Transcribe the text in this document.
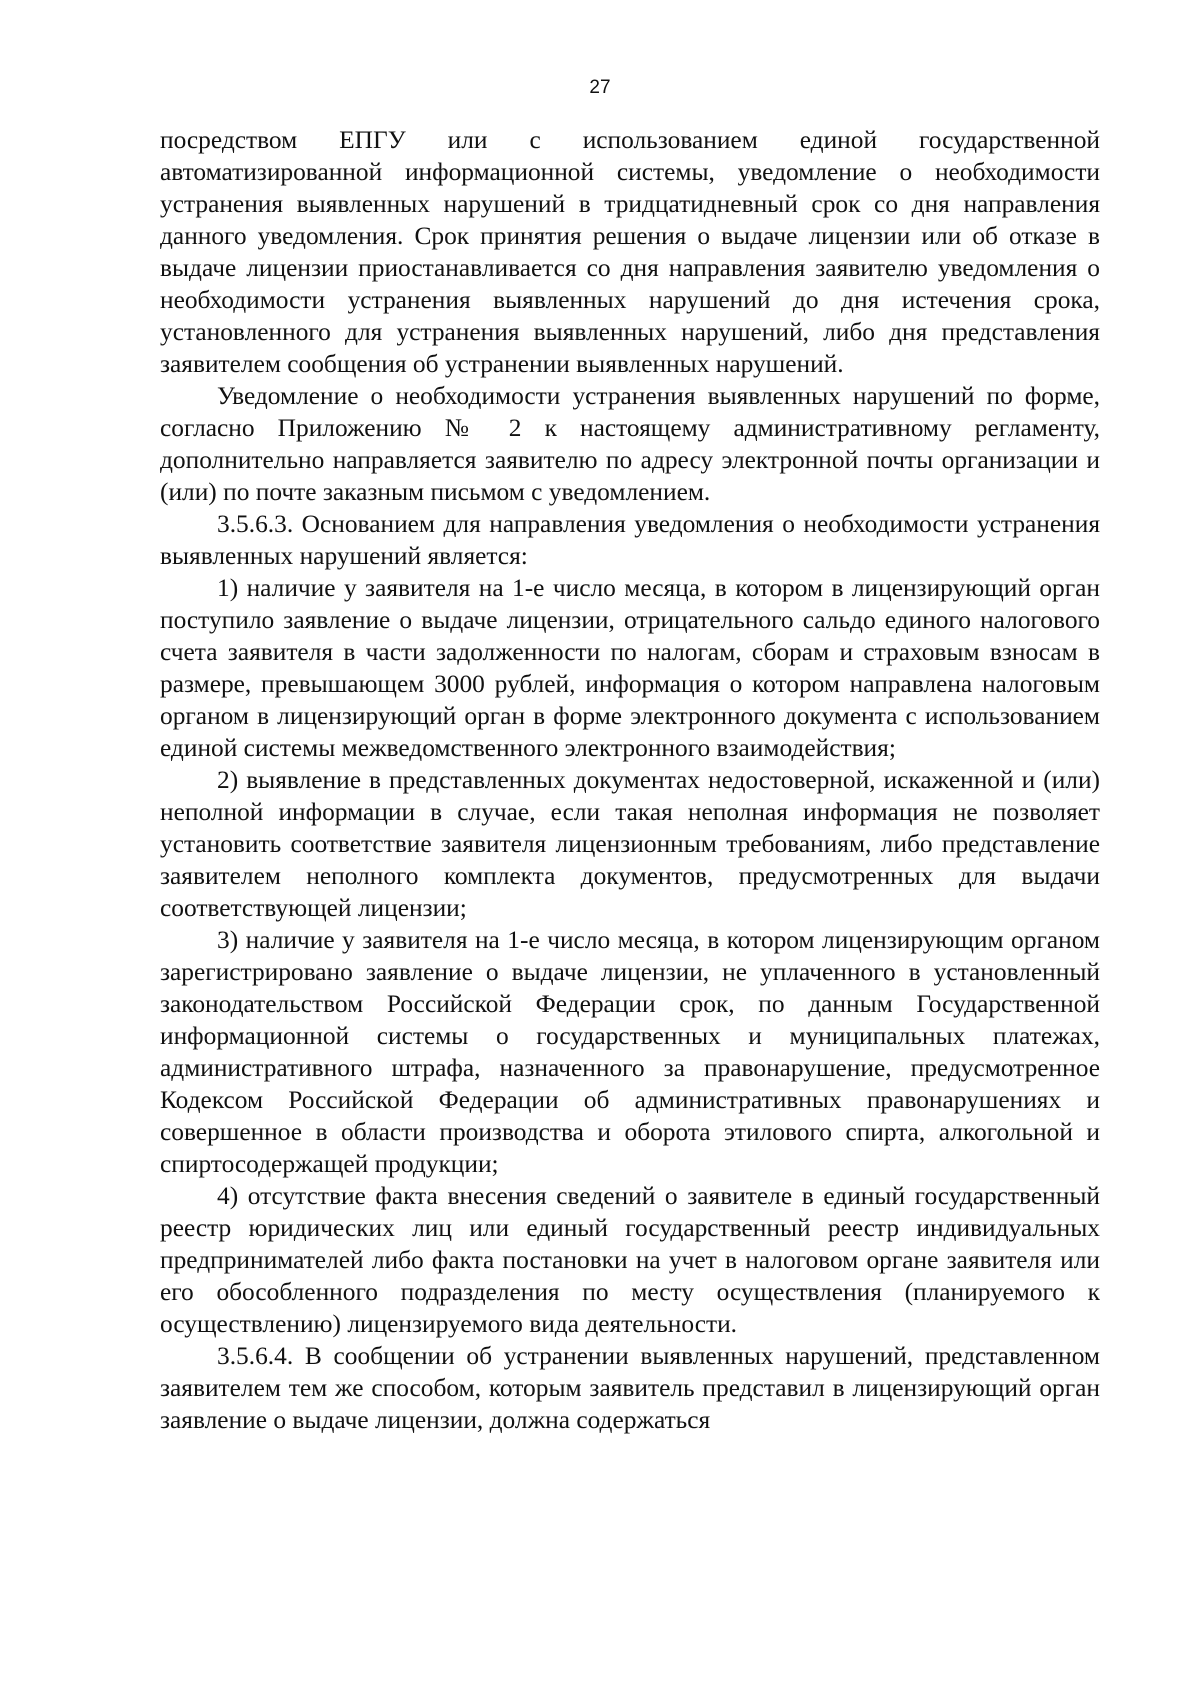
27

посредством ЕПГУ или с использованием единой государственной автоматизированной информационной системы, уведомление о необходимости устранения выявленных нарушений в тридцатидневный срок со дня направления данного уведомления. Срок принятия решения о выдаче лицензии или об отказе в выдаче лицензии приостанавливается со дня направления заявителю уведомления о необходимости устранения выявленных нарушений до дня истечения срока, установленного для устранения выявленных нарушений, либо дня представления заявителем сообщения об устранении выявленных нарушений.

Уведомление о необходимости устранения выявленных нарушений по форме, согласно Приложению № 2 к настоящему административному регламенту, дополнительно направляется заявителю по адресу электронной почты организации и (или) по почте заказным письмом с уведомлением.

3.5.6.3. Основанием для направления уведомления о необходимости устранения выявленных нарушений является:

1) наличие у заявителя на 1-е число месяца, в котором в лицензирующий орган поступило заявление о выдаче лицензии, отрицательного сальдо единого налогового счета заявителя в части задолженности по налогам, сборам и страховым взносам в размере, превышающем 3000 рублей, информация о котором направлена налоговым органом в лицензирующий орган в форме электронного документа с использованием единой системы межведомственного электронного взаимодействия;

2) выявление в представленных документах недостоверной, искаженной и (или) неполной информации в случае, если такая неполная информация не позволяет установить соответствие заявителя лицензионным требованиям, либо представление заявителем неполного комплекта документов, предусмотренных для выдачи соответствующей лицензии;

3) наличие у заявителя на 1-е число месяца, в котором лицензирующим органом зарегистрировано заявление о выдаче лицензии, не уплаченного в установленный законодательством Российской Федерации срок, по данным Государственной информационной системы о государственных и муниципальных платежах, административного штрафа, назначенного за правонарушение, предусмотренное Кодексом Российской Федерации об административных правонарушениях и совершенное в области производства и оборота этилового спирта, алкогольной и спиртосодержащей продукции;

4) отсутствие факта внесения сведений о заявителе в единый государственный реестр юридических лиц или единый государственный реестр индивидуальных предпринимателей либо факта постановки на учет в налоговом органе заявителя или его обособленного подразделения по месту осуществления (планируемого к осуществлению) лицензируемого вида деятельности.

3.5.6.4. В сообщении об устранении выявленных нарушений, представленном заявителем тем же способом, которым заявитель представил в лицензирующий орган заявление о выдаче лицензии, должна содержаться
